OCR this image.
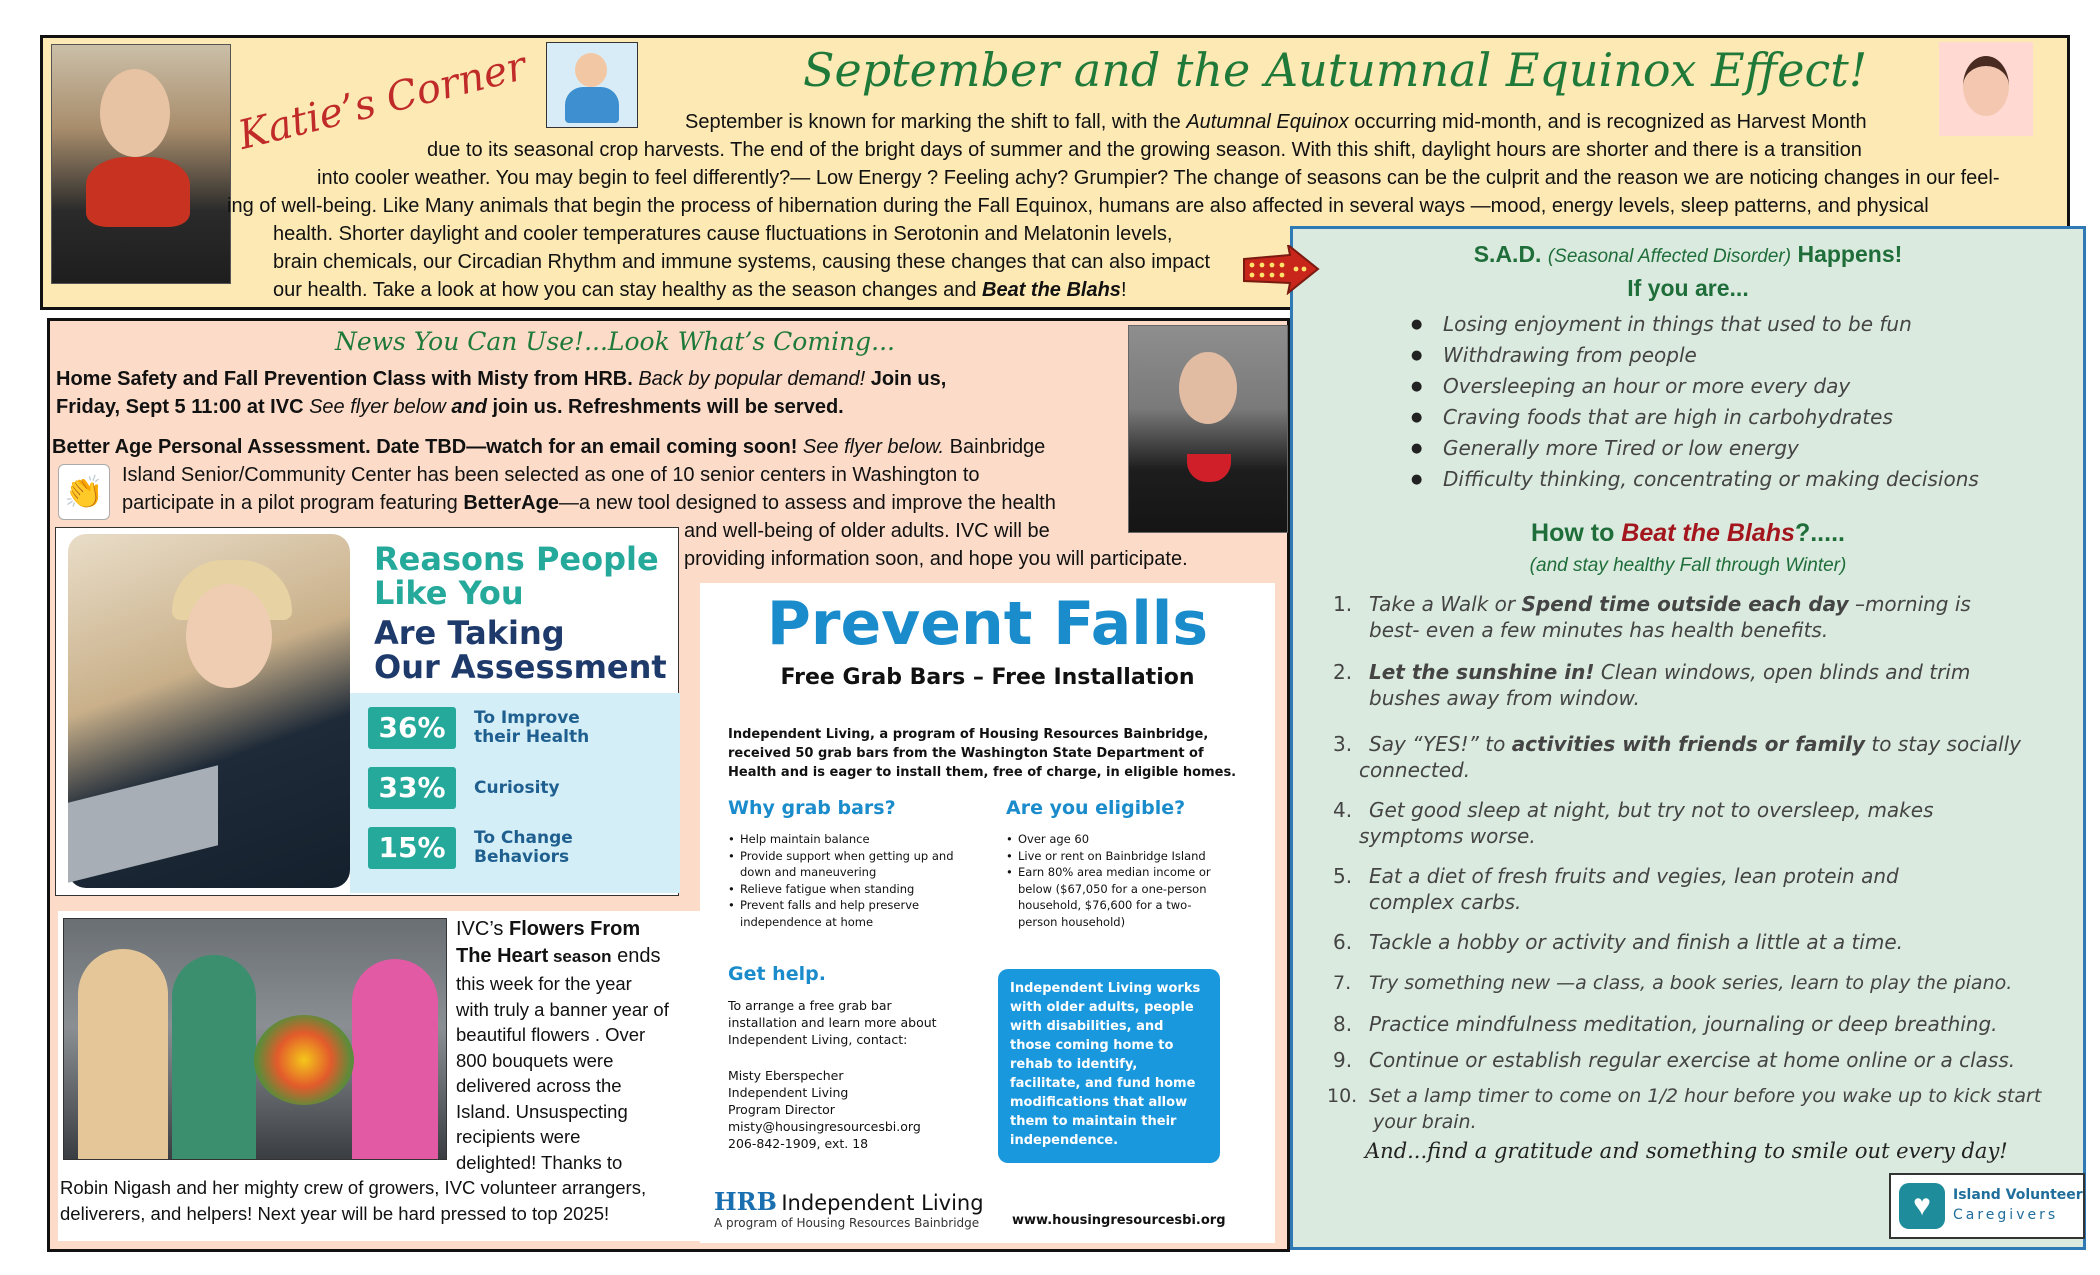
Katie’s Corner	September and the Autumnal Equinox Effect!
September is known for marking the shift to fall, with the Autumnal Equinox occurring mid-month, and is recognized as Harvest Month
due to its seasonal crop harvests. The end of the bright days of summer and the growing season. With this shift, daylight hours are shorter and there is a transition
into cooler weather. You may begin to feel differently?— Low Energy ? Feeling achy? Grumpier? The change of seasons can be the culprit and the reason we are noticing changes in our feel-
ing of well-being. Like Many animals that begin the process of hibernation during the Fall Equinox, humans are also affected in several ways —mood, energy levels, sleep patterns, and physical
health. Shorter daylight and cooler temperatures cause fluctuations in Serotonin and Melatonin levels,
brain chemicals, our Circadian Rhythm and immune systems, causing these changes that can also impact
our health. Take a look at how you can stay healthy as the season changes and Beat the Blahs!
News You Can Use!...Look What’s Coming...
Home Safety and Fall Prevention Class with Misty from HRB. Back by popular demand! Join us,
Friday, Sept 5 11:00 at IVC See flyer below and join us. Refreshments will be served.
Better Age Personal Assessment. Date TBD—watch for an email coming soon! See flyer below. Bainbridge
👏 Island Senior/Community Center has been selected as one of 10 senior centers in Washington to
participate in a pilot program featuring BetterAge—a new tool designed to assess and improve the health
and well-being of older adults. IVC will be
providing information soon, and hope you will participate.
Reasons People
Like You
Are Taking
Our Assessment
36%	To Improve
their Health
33%	Curiosity
15%	To Change
Behaviors
IVC’s Flowers From
The Heart season ends
this week for the year
with truly a banner year of
beautiful flowers . Over
800 bouquets were
delivered across the
Island. Unsuspecting
recipients were
delighted! Thanks to
Robin Nigash and her mighty crew of growers, IVC volunteer arrangers,
deliverers, and helpers! Next year will be hard pressed to top 2025!
Prevent Falls
Free Grab Bars – Free Installation
Independent Living, a program of Housing Resources Bainbridge, received 50 grab bars from the Washington State Department of Health and is eager to install them, free of charge, in eligible homes.
Why grab bars?
• Help maintain balance
• Provide support when getting up and down and maneuvering
• Relieve fatigue when standing
• Prevent falls and help preserve independence at home
Are you eligible?
• Over age 60
• Live or rent on Bainbridge Island
• Earn 80% area median income or below ($67,050 for a one-person household, $76,600 for a two-person household)
Get help.
To arrange a free grab bar installation and learn more about Independent Living, contact:
Misty Eberspecher
Independent Living
Program Director
misty@housingresourcesbi.org
206-842-1909, ext. 18
Independent Living works with older adults, people with disabilities, and those coming home to rehab to identify, facilitate, and fund home modifications that allow them to maintain their independence.
HRB Independent Living
A program of Housing Resources Bainbridge	www.housingresourcesbi.org
S.A.D. (Seasonal Affected Disorder) Happens!
If you are...
● Losing enjoyment in things that used to be fun
● Withdrawing from people
● Oversleeping an hour or more every day
● Craving foods that are high in carbohydrates
● Generally more Tired or low energy
● Difficulty thinking, concentrating or making decisions
How to Beat the Blahs?.....
(and stay healthy Fall through Winter)
1. Take a Walk or Spend time outside each day –morning is
best- even a few minutes has health benefits.
2. Let the sunshine in! Clean windows, open blinds and trim
bushes away from window.
3. Say “YES!” to activities with friends or family to stay socially
connected.
4. Get good sleep at night, but try not to oversleep, makes
symptoms worse.
5. Eat a diet of fresh fruits and vegies, lean protein and
complex carbs.
6. Tackle a hobby or activity and finish a little at a time.
7. Try something new —a class, a book series, learn to play the piano.
8. Practice mindfulness meditation, journaling or deep breathing.
9. Continue or establish regular exercise at home online or a class.
10. Set a lamp timer to come on 1/2 hour before you wake up to kick start
your brain.
And...find a gratitude and something to smile out every day!
♥	Island Volunteer
Caregivers
